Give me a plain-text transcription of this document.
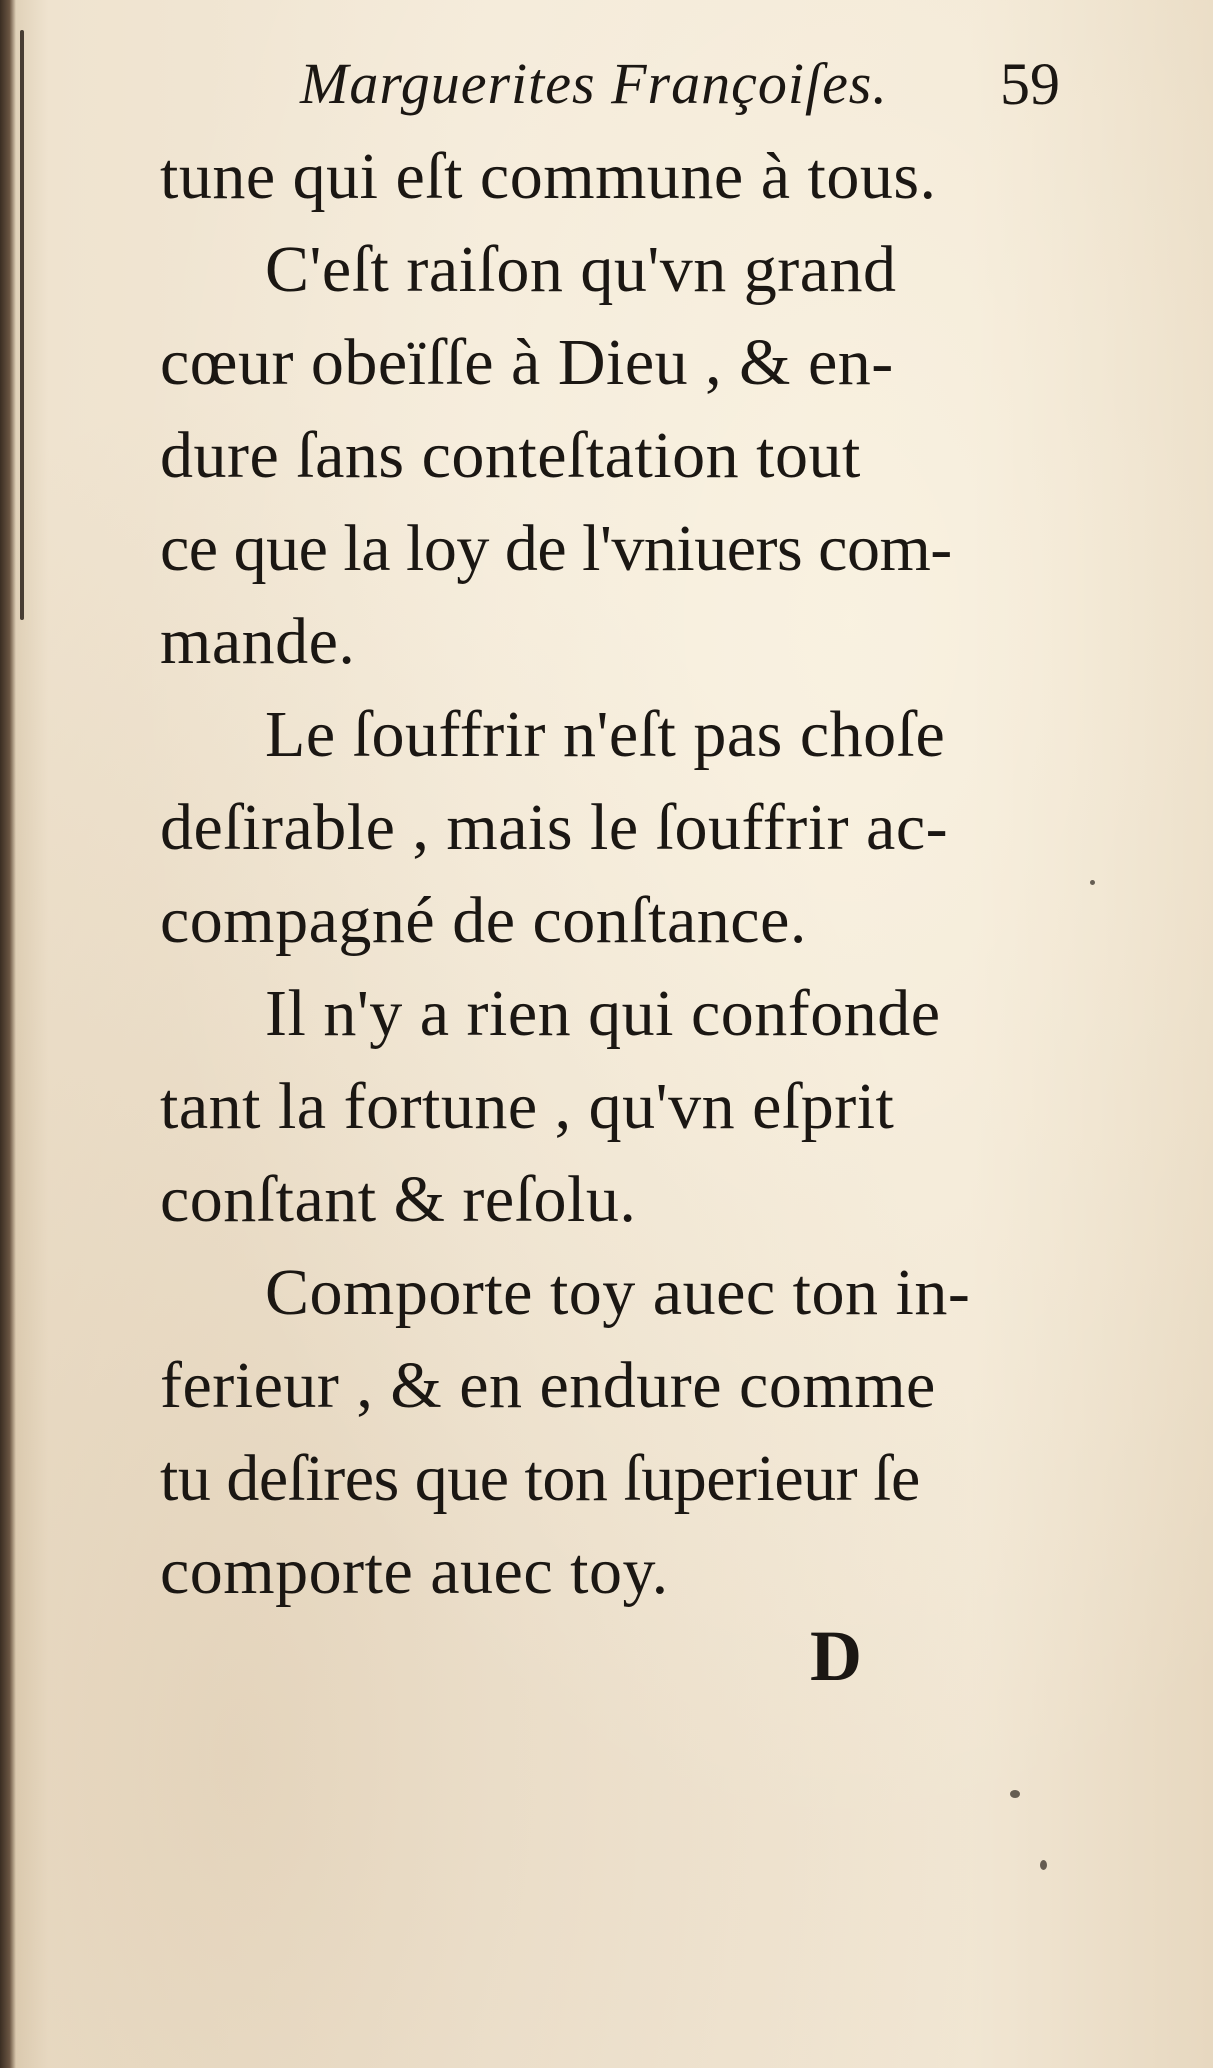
Marguerites Françoiſes. 59
tune qui eſt commune à tous.
C'eſt raiſon qu'vn grand
cœur obeïſſe à Dieu , & en-
dure ſans conteſtation tout
ce que la loy de l'vniuers com-
mande.
Le ſouffrir n'eſt pas choſe
deſirable , mais le ſouffrir ac-
compagné de conſtance.
Il n'y a rien qui confonde
tant la fortune , qu'vn eſprit
conſtant & reſolu.
Comporte toy auec ton in-
ferieur , & en endure comme
tu deſires que ton ſuperieur ſe
comporte auec toy.
D
